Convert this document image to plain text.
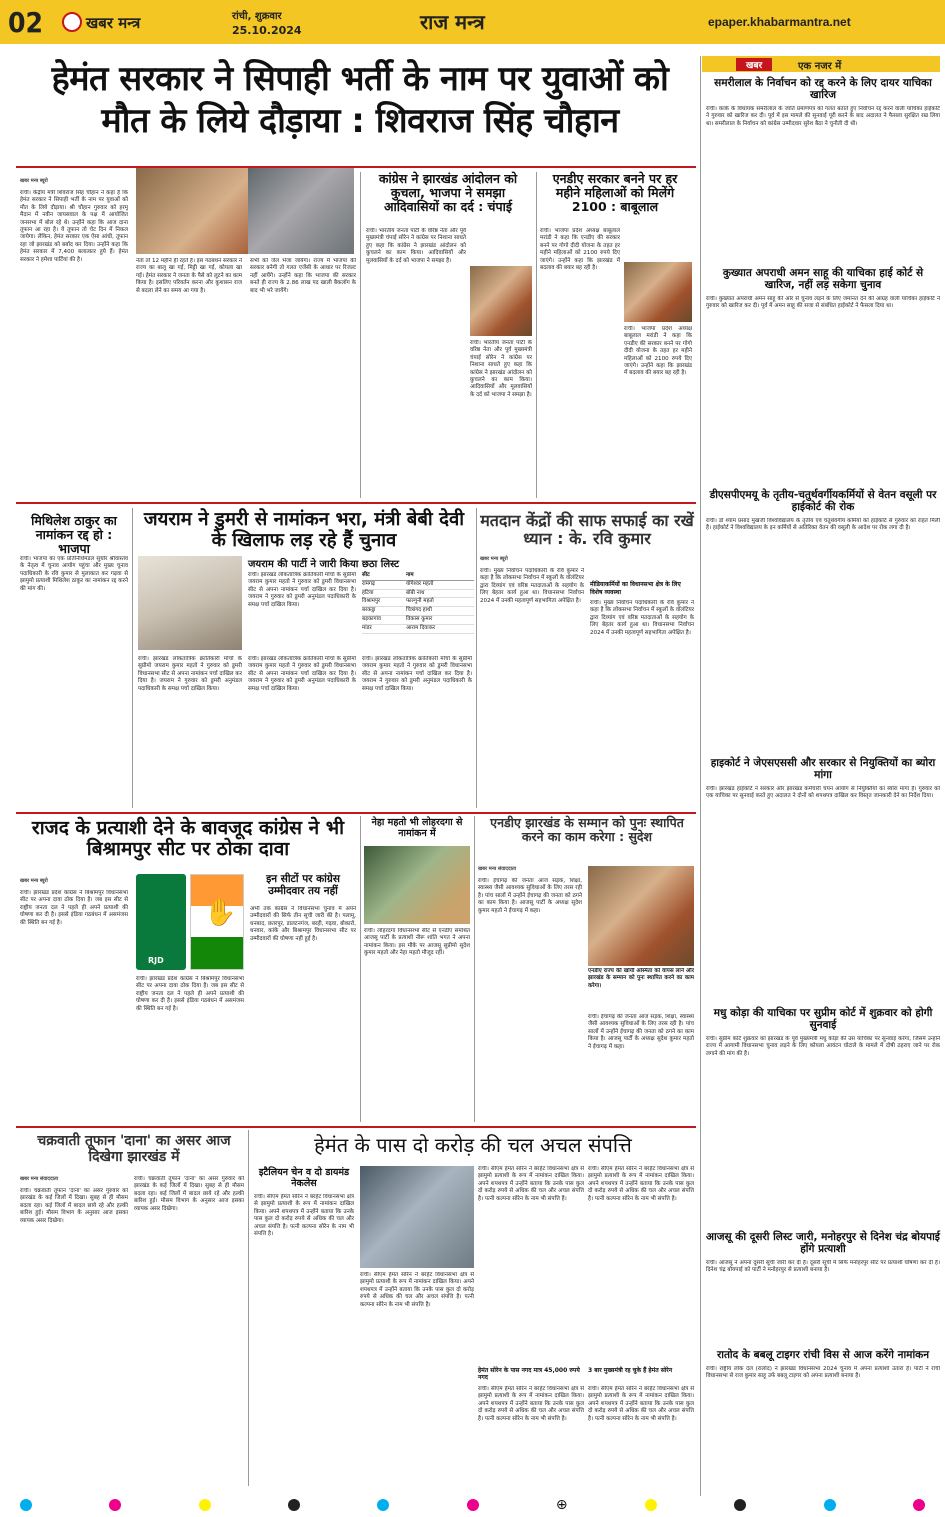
02	खबर मन्त्र	रांची, शुक्रवार
25.10.2024	राज मन्त्र	epaper.khabarmantra.net
हेमंत सरकार ने सिपाही भर्ती के नाम पर युवाओं को मौत के लिये दौड़ाया : शिवराज सिंह चौहान
खबर मन्त्र ब्यूरो
रांची। केंद्रीय मंत्री शिवराज सिंह चौहान ने कहा है कि हेमंत सरकार ने सिपाही भर्ती के नाम पर युवाओं को मौत के लिये दौड़ाया। श्री चौहान गुरुवार को हरमू मैदान में नवीन जायसवाल के पक्ष में आयोजित जनसभा में बोल रहे थे। उन्होंने कहा कि आज दाना तूफान आ रहा है। ये तूफान तो चेट दिन में निकल जायेगा। लेकिन, हेमंत सरकार एक ऐसा आंधी, तूफान रहा जो झारखंड को बर्बाद कर दिया। उन्होंने कहा कि हेमंत सरकार में 7,400 बलात्कार हुये हैं। हेमंत सरकार ने हमेशा पार्टियां की है।	नेता तो 12 महीने ही रहते हैं। इस गठबंधन सरकार ने राज्य का बालू खा गई, मिट्टी खा गई, कोयला खा गई। हेमंत सरकार ने जनता के पैसे को लूटने का काम किया है। इसलिए परिवर्तन करना और कुशासन राज से बदला लेने का समय आ गया है।
सभी को जेल भेजा जायेगा। राज्य में भाजपा की सरकार बनेगी तो गलत एजेंसी के आधार पर रिजल्ट नहीं आयेंगे। उन्होंने कहा कि भाजपा की सरकार बनते ही राज्य के 2.86 लाख पद खाली बैकलॉग के बाद भी भरे जायेंगे।
कांग्रेस ने झारखंड आंदोलन को कुचला, भाजपा ने समझा आदिवासियों का दर्द : चंपाई
रांची। भारतीय जनता पार्टी के वरिष्ठ नेता और पूर्व मुख्यमंत्री चंपाई सोरेन ने कांग्रेस पर निशाना साधते हुए कहा कि कांग्रेस ने झारखंड आंदोलन को कुचलने का काम किया। आदिवासियों और मूलवासियों के दर्द को भाजपा ने समझा है।
रांची। भारतीय जनता पार्टी के वरिष्ठ नेता और पूर्व मुख्यमंत्री चंपाई सोरेन ने कांग्रेस पर निशाना साधते हुए कहा कि कांग्रेस ने झारखंड आंदोलन को कुचलने का काम किया। आदिवासियों और मूलवासियों के दर्द को भाजपा ने समझा है।
एनडीए सरकार बनने पर हर महीने महिलाओं को मिलेंगे 2100 : बाबूलाल
रांची। भाजपा प्रदेश अध्यक्ष बाबूलाल मरांडी ने कहा कि एनडीए की सरकार बनने पर गोगो दीदी योजना के तहत हर महीने महिलाओं को 2100 रुपये दिए जाएंगे। उन्होंने कहा कि झारखंड में बदलाव की बयार बह रही है।
रांची। भाजपा प्रदेश अध्यक्ष बाबूलाल मरांडी ने कहा कि एनडीए की सरकार बनने पर गोगो दीदी योजना के तहत हर महीने महिलाओं को 2100 रुपये दिए जाएंगे। उन्होंने कहा कि झारखंड में बदलाव की बयार बह रही है।
खबर	एक नजर में
समरीलाल के निर्वाचन को रद्द करने के लिए दायर याचिका खारिज
रांची। कांके के विधायक समरीलाल के जाति प्रमाणपत्र को गलत बताते हुए निर्वाचन रद्द करने वाली याचिका हाईकोर्ट ने गुरुवार को खारिज कर दी। पूर्व में इस मामले की सुनवाई पूरी करने के बाद अदालत ने फैसला सुरक्षित रख लिया था। समरीलाल के निर्वाचन को कांग्रेस उम्मीदवार सुरेश बैठा ने चुनौती दी थी।
कुख्यात अपराधी अमन साहू की याचिका हाई कोर्ट से खारिज, नहीं लड़ सकेगा चुनाव
रांची। कुख्यात अपराधी अमन साहू की ओर से चुनाव लड़ने के लिए जमानत देने की आग्रह वाली याचिका हाईकोर्ट ने गुरुवार को खारिज कर दी। पूर्व में अमन साहू की सजा से संबंधित हाईकोर्ट ने फैसला दिया था।
डीएसपीएमयू के तृतीय-चतुर्थवर्गीयकर्मियों से वेतन वसूली पर हाईकोर्ट की रोक
रांची। डॉ श्याम प्रसाद मुखर्जी विश्वविद्यालय के तृतीय एवं चतुर्थवर्गीय कर्मियों को हाईकोर्ट से गुरुवार को राहत मिली है। हाईकोर्ट ने विश्वविद्यालय के इन कर्मियों से अतिरिक्त वेतन की वसूली के आदेश पर रोक लगा दी है।
हाइकोर्ट ने जेएसएससी और सरकार से नियुक्तियों का ब्योरा मांगा
रांची। झारखंड हाईकोर्ट ने सरकार और झारखंड कर्मचारी चयन आयोग से नियुक्तियों का ब्योरा मांगा है। गुरुवार को एक याचिका पर सुनवाई करते हुए अदालत ने दोनों को शपथपत्र दाखिल कर विस्तृत जानकारी देने का निर्देश दिया।
मधु कोड़ा की याचिका पर सुप्रीम कोर्ट में शुक्रवार को होगी सुनवाई
रांची। सुप्रीम कोर्ट शुक्रवार को झारखंड के पूर्व मुख्यमंत्री मधु कोड़ा की उस याचिका पर सुनवाई करेगा, जिसमें उन्होंने राज्य में आगामी विधानसभा चुनाव लड़ने के लिए कोयला आवंटन घोटाले के मामले में दोषी ठहराए जाने पर रोक लगाने की मांग की है।
आजसू की दूसरी लिस्ट जारी, मनोहरपुर से दिनेश चंद्र बोयपाई होंगे प्रत्याशी
रांची। आजसू ने अपना दूसरी सूची जारी कर दी है। दूसरी सूची में सिर्फ मनोहरपुर सीट पर प्रत्याशी घोषणा कर दी है। दिनेश चंद्र बोयपाई को पार्टी ने मनोहरपुर से प्रत्याशी बनाया है।
रातोद के बबलू टाइगर रांची विस से आज करेंगे नामांकन
रांची। राष्ट्रीय लोक दल (रालोद) ने झारखंड विधानसभा 2024 चुनाव में अपना प्रत्याशी उतारा है। पार्टी ने रांची विधानसभा से राज कुमार साहू उर्फ बबलू टाइगर को अपना प्रत्याशी बनाया है।
मिथिलेश ठाकुर का नामांकन रद्द हो : भाजपा
रांची। भाजपा का एक प्रतिनिधिमंडल सुधीर श्रीवास्तव के नेतृत्व में चुनाव आयोग पहुंचा और मुख्य चुनाव पदाधिकारी के रवि कुमार से मुलाकात कर गढ़वा से झामुमो प्रत्याशी मिथिलेश ठाकुर का नामांकन रद्द करने की मांग की।
जयराम ने डुमरी से नामांकन भरा, मंत्री बेबी देवी के खिलाफ लड़ रहे हैं चुनाव
जयराम की पार्टी ने जारी किया छठा लिस्ट
रांची। झारखंड लोकतांत्रिक क्रांतिकारी मोर्चा के सुप्रीमो जयराम कुमार महतो ने गुरुवार को डुमरी विधानसभा सीट से अपना नामांकन पर्चा दाखिल कर दिया है। जयराम ने गुरुवार को डुमरी अनुमंडल पदाधिकारी के समक्ष पर्चा दाखिल किया।
सीट	नाम
रामगढ़	योगेश्वर महतो
हटिया	बॉबी नाथ
विश्रामपुर	फाल्गुनी महतो
बरकट्ठा	चित्रांगद हाथी
बड़कागांव	विकास कुमार
मांडर	आराम दिवाकर
रांची। झारखंड लोकतांत्रिक क्रांतिकारी मोर्चा के सुप्रीमो जयराम कुमार महतो ने गुरुवार को डुमरी विधानसभा सीट से अपना नामांकन पर्चा दाखिल कर दिया है। जयराम ने गुरुवार को डुमरी अनुमंडल पदाधिकारी के समक्ष पर्चा दाखिल किया।
रांची। झारखंड लोकतांत्रिक क्रांतिकारी मोर्चा के सुप्रीमो जयराम कुमार महतो ने गुरुवार को डुमरी विधानसभा सीट से अपना नामांकन पर्चा दाखिल कर दिया है। जयराम ने गुरुवार को डुमरी अनुमंडल पदाधिकारी के समक्ष पर्चा दाखिल किया।
रांची। झारखंड लोकतांत्रिक क्रांतिकारी मोर्चा के सुप्रीमो जयराम कुमार महतो ने गुरुवार को डुमरी विधानसभा सीट से अपना नामांकन पर्चा दाखिल कर दिया है। जयराम ने गुरुवार को डुमरी अनुमंडल पदाधिकारी के समक्ष पर्चा दाखिल किया।
मतदान केंद्रों की साफ सफाई का रखें ध्यान : के. रवि कुमार
खबर मन्त्र ब्यूरो
रांची। मुख्य निर्वाचन पदाधिकारी के रवि कुमार ने कहा है कि लोकसभा निर्वाचन में स्कूलों के वॉलंटियर द्वारा दिव्यांग एवं वरिष्ठ मतदाताओं के सहयोग के लिए बेहतर कार्य हुआ था। विधानसभा निर्वाचन 2024 में उनकी महत्वपूर्ण सहभागिता अपेक्षित है।
मीडियाकर्मियों का विधानसभा क्षेत्र के लिए विशेष व्यवस्था
रांची। मुख्य निर्वाचन पदाधिकारी के रवि कुमार ने कहा है कि लोकसभा निर्वाचन में स्कूलों के वॉलंटियर द्वारा दिव्यांग एवं वरिष्ठ मतदाताओं के सहयोग के लिए बेहतर कार्य हुआ था। विधानसभा निर्वाचन 2024 में उनकी महत्वपूर्ण सहभागिता अपेक्षित है।
राजद के प्रत्याशी देने के बावजूद कांग्रेस ने भी बिश्रामपुर सीट पर ठोका दावा
खबर मन्त्र ब्यूरो
रांची। झारखंड प्रदेश कांग्रेस ने बिश्रामपुर विधानसभा सीट पर अपना दावा ठोक दिया है। जब इस सीट से राष्ट्रीय जनता दल ने पहले ही अपने प्रत्याशी की घोषणा कर दी है। इससे इंडिया गठबंधन में असमंजस की स्थिति बन गई है।
RJD
✋
इन सीटों पर कांग्रेस उम्मीदवार तय नहीं
अभी तक कांग्रेस ने विधानसभा चुनाव में अपने उम्मीदवारों की सिर्फ तीन सूची जारी की है। पलामू, धनबाद, छतरपुर, डालटनगंज, बरही, गढ़वा, बोकारो, धनवार, कांके और बिश्रामपुर विधानसभा सीट पर उम्मीदवारों की घोषणा नहीं हुई है।
रांची। झारखंड प्रदेश कांग्रेस ने बिश्रामपुर विधानसभा सीट पर अपना दावा ठोक दिया है। जब इस सीट से राष्ट्रीय जनता दल ने पहले ही अपने प्रत्याशी की घोषणा कर दी है। इससे इंडिया गठबंधन में असमंजस की स्थिति बन गई है।
नेहा महतो भी लोहरदगा से नामांकन में
रांची। लोहरदगा विधानसभा सीट से एनडीए समर्थित आजसू पार्टी के प्रत्याशी नीरू शांति भगत ने अपना नामांकन किया। इस मौके पर आजसू सुप्रीमो सुदेश कुमार महतो और नेहा महतो मौजूद रहीं।
एनडीए झारखंड के सम्मान को पुनः स्थापित करने का काम करेगा : सुदेश
खबर मन्त्र संवाददाता
रांची। ईचागढ़ की जनता आज सड़क, शिक्षा, स्वास्थ्य जैसी आवश्यक सुविधाओं के लिए तरस रही है। पांच सालों में उन्होंने ईचागढ़ की जनता को ठगने का काम किया है। आजसू पार्टी के अध्यक्ष सुदेश कुमार महतो ने ईचागढ़ में कहा।
एनडीए राज्य की खोयी अस्मिता को वापस लाने और झारखंड के सम्मान को पुनः स्थापित करने का काम करेगा।
रांची। ईचागढ़ की जनता आज सड़क, शिक्षा, स्वास्थ्य जैसी आवश्यक सुविधाओं के लिए तरस रही है। पांच सालों में उन्होंने ईचागढ़ की जनता को ठगने का काम किया है। आजसू पार्टी के अध्यक्ष सुदेश कुमार महतो ने ईचागढ़ में कहा।
चक्रवाती तूफान 'दाना' का असर आज दिखेगा झारखंड में
खबर मन्त्र संवाददाता
रांची। चक्रवाती तूफान 'दाना' का असर गुरुवार को झारखंड के कई जिलों में दिखा। सुबह से ही मौसम बदला रहा। कई जिलों में बादल छाये रहे और हल्की बारिश हुई। मौसम विभाग के अनुसार आज इसका व्यापक असर दिखेगा।
रांची। चक्रवाती तूफान 'दाना' का असर गुरुवार को झारखंड के कई जिलों में दिखा। सुबह से ही मौसम बदला रहा। कई जिलों में बादल छाये रहे और हल्की बारिश हुई। मौसम विभाग के अनुसार आज इसका व्यापक असर दिखेगा।
हेमंत के पास दो करोड़ की चल अचल संपत्ति
इटैलियन चेन व दो डायमंड नेकलेस
रांची। सीएम हेमंत सोरेन ने बरहेट विधानसभा क्षेत्र से झामुमो प्रत्याशी के रूप में नामांकन दाखिल किया। अपने शपथपत्र में उन्होंने बताया कि उनके पास कुल दो करोड़ रुपये से अधिक की चल और अचल संपत्ति है। पत्नी कल्पना सोरेन के नाम भी संपत्ति है।
रांची। सीएम हेमंत सोरेन ने बरहेट विधानसभा क्षेत्र से झामुमो प्रत्याशी के रूप में नामांकन दाखिल किया। अपने शपथपत्र में उन्होंने बताया कि उनके पास कुल दो करोड़ रुपये से अधिक की चल और अचल संपत्ति है। पत्नी कल्पना सोरेन के नाम भी संपत्ति है।
रांची। सीएम हेमंत सोरेन ने बरहेट विधानसभा क्षेत्र से झामुमो प्रत्याशी के रूप में नामांकन दाखिल किया। अपने शपथपत्र में उन्होंने बताया कि उनके पास कुल दो करोड़ रुपये से अधिक की चल और अचल संपत्ति है। पत्नी कल्पना सोरेन के नाम भी संपत्ति है।
हेमंत सोरेन के पास नगद मात्र 45,000 रुपये नगद
रांची। सीएम हेमंत सोरेन ने बरहेट विधानसभा क्षेत्र से झामुमो प्रत्याशी के रूप में नामांकन दाखिल किया। अपने शपथपत्र में उन्होंने बताया कि उनके पास कुल दो करोड़ रुपये से अधिक की चल और अचल संपत्ति है। पत्नी कल्पना सोरेन के नाम भी संपत्ति है।
रांची। सीएम हेमंत सोरेन ने बरहेट विधानसभा क्षेत्र से झामुमो प्रत्याशी के रूप में नामांकन दाखिल किया। अपने शपथपत्र में उन्होंने बताया कि उनके पास कुल दो करोड़ रुपये से अधिक की चल और अचल संपत्ति है। पत्नी कल्पना सोरेन के नाम भी संपत्ति है।
3 बार मुख्यमंत्री रह चुके हैं हेमंत सोरेन
रांची। सीएम हेमंत सोरेन ने बरहेट विधानसभा क्षेत्र से झामुमो प्रत्याशी के रूप में नामांकन दाखिल किया। अपने शपथपत्र में उन्होंने बताया कि उनके पास कुल दो करोड़ रुपये से अधिक की चल और अचल संपत्ति है। पत्नी कल्पना सोरेन के नाम भी संपत्ति है।
⊕
